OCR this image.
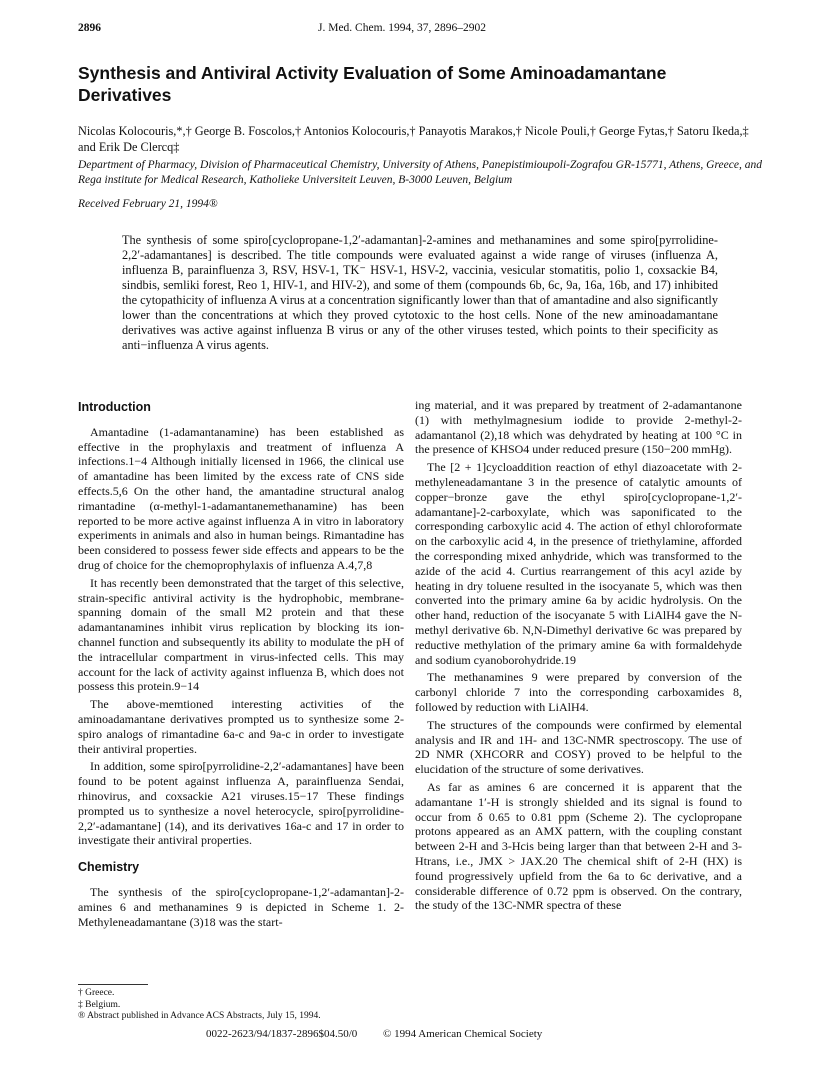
2896	J. Med. Chem. 1994, 37, 2896–2902
Synthesis and Antiviral Activity Evaluation of Some Aminoadamantane Derivatives
Nicolas Kolocouris,*,† George B. Foscolos,† Antonios Kolocouris,† Panayotis Marakos,† Nicole Pouli,† George Fytas,† Satoru Ikeda,‡ and Erik De Clercq‡
Department of Pharmacy, Division of Pharmaceutical Chemistry, University of Athens, Panepistimioupoli-Zografou GR-15771, Athens, Greece, and Rega institute for Medical Research, Katholieke Universiteit Leuven, B-3000 Leuven, Belgium
Received February 21, 1994®
The synthesis of some spiro[cyclopropane-1,2′-adamantan]-2-amines and methanamines and some spiro[pyrrolidine-2,2′-adamantanes] is described. The title compounds were evaluated against a wide range of viruses (influenza A, influenza B, parainfluenza 3, RSV, HSV-1, TK⁻ HSV-1, HSV-2, vaccinia, vesicular stomatitis, polio 1, coxsackie B4, sindbis, semliki forest, Reo 1, HIV-1, and HIV-2), and some of them (compounds 6b, 6c, 9a, 16a, 16b, and 17) inhibited the cytopathicity of influenza A virus at a concentration significantly lower than that of amantadine and also significantly lower than the concentrations at which they proved cytotoxic to the host cells. None of the new aminoadamantane derivatives was active against influenza B virus or any of the other viruses tested, which points to their specificity as anti−influenza A virus agents.
Introduction

Amantadine (1-adamantanamine) has been established as effective in the prophylaxis and treatment of influenza A infections.1−4 Although initially licensed in 1966, the clinical use of amantadine has been limited by the excess rate of CNS side effects.5,6 On the other hand, the amantadine structural analog rimantadine (α-methyl-1-adamantanemethanamine) has been reported to be more active against influenza A in vitro in laboratory experiments in animals and also in human beings. Rimantadine has been considered to possess fewer side effects and appears to be the drug of choice for the chemoprophylaxis of influenza A.4,7,8

It has recently been demonstrated that the target of this selective, strain-specific antiviral activity is the hydrophobic, membrane-spanning domain of the small M2 protein and that these adamantanamines inhibit virus replication by blocking its ion-channel function and subsequently its ability to modulate the pH of the intracellular compartment in virus-infected cells. This may account for the lack of activity against influenza B, which does not possess this protein.9−14

The above-memtioned interesting activities of the aminoadamantane derivatives prompted us to synthesize some 2-spiro analogs of rimantadine 6a-c and 9a-c in order to investigate their antiviral properties.

In addition, some spiro[pyrrolidine-2,2′-adamantanes] have been found to be potent against influenza A, parainfluenza Sendai, rhinovirus, and coxsackie A21 viruses.15−17 These findings prompted us to synthesize a novel heterocycle, spiro[pyrrolidine-2,2′-adamantane] (14), and its derivatives 16a-c and 17 in order to investigate their antiviral properties.

Chemistry

The synthesis of the spiro[cyclopropane-1,2′-adamantan]-2-amines 6 and methanamines 9 is depicted in Scheme 1. 2-Methyleneadamantane (3)18 was the start-

ing material, and it was prepared by treatment of 2-adamantanone (1) with methylmagnesium iodide to provide 2-methyl-2-adamantanol (2),18 which was dehydrated by heating at 100 °C in the presence of KHSO4 under reduced presure (150−200 mmHg).

The [2 + 1]cycloaddition reaction of ethyl diazoacetate with 2-methyleneadamantane 3 in the presence of catalytic amounts of copper−bronze gave the ethyl spiro[cyclopropane-1,2′-adamantane]-2-carboxylate, which was saponificated to the corresponding carboxylic acid 4. The action of ethyl chloroformate on the carboxylic acid 4, in the presence of triethylamine, afforded the corresponding mixed anhydride, which was transformed to the azide of the acid 4. Curtius rearrangement of this acyl azide by heating in dry toluene resulted in the isocyanate 5, which was then converted into the primary amine 6a by acidic hydrolysis. On the other hand, reduction of the isocyanate 5 with LiAlH4 gave the N-methyl derivative 6b. N,N-Dimethyl derivative 6c was prepared by reductive methylation of the primary amine 6a with formaldehyde and sodium cyanoborohydride.19

The methanamines 9 were prepared by conversion of the carbonyl chloride 7 into the corresponding carboxamides 8, followed by reduction with LiAlH4.

The structures of the compounds were confirmed by elemental analysis and IR and 1H- and 13C-NMR spectroscopy. The use of 2D NMR (XHCORR and COSY) proved to be helpful to the elucidation of the structure of some derivatives.

As far as amines 6 are concerned it is apparent that the adamantane 1′-H is strongly shielded and its signal is found to occur from δ 0.65 to 0.81 ppm (Scheme 2). The cyclopropane protons appeared as an AMX pattern, with the coupling constant between 2-H and 3-Hcis being larger than that between 2-H and 3-Htrans, i.e., JMX > JAX.20 The chemical shift of 2-H (HX) is found progressively upfield from the 6a to 6c derivative, and a considerable difference of 0.72 ppm is observed. On the contrary, the study of the 13C-NMR spectra of these

† Greece.
‡ Belgium.
® Abstract published in Advance ACS Abstracts, July 15, 1994.
0022-2623/94/1837-2896$04.50/0 © 1994 American Chemical Society
